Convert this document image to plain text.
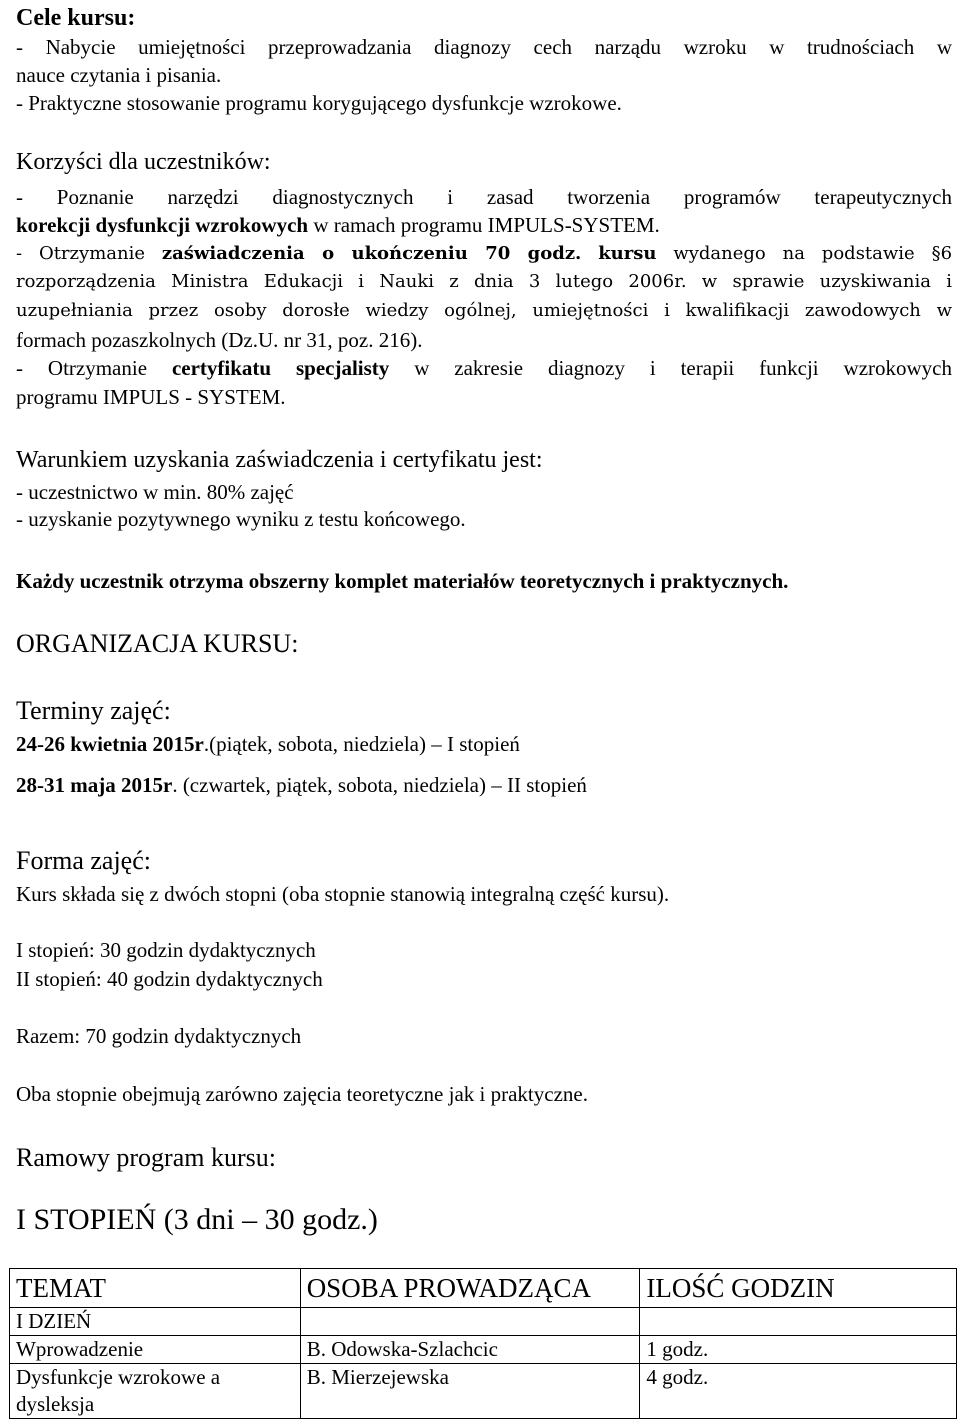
Cele kursu:
- Nabycie umiejętności przeprowadzania diagnozy cech narządu wzroku w trudnościach w
nauce czytania i pisania.
- Praktyczne stosowanie programu korygującego dysfunkcje wzrokowe.
Korzyści dla uczestników:
- Poznanie narzędzi diagnostycznych i zasad tworzenia programów terapeutycznych
korekcji dysfunkcji wzrokowych w ramach programu IMPULS-SYSTEM.
- Otrzymanie zaświadczenia o ukończeniu 70 godz. kursu wydanego na podstawie §6
rozporządzenia Ministra Edukacji i Nauki z dnia 3 lutego 2006r. w sprawie uzyskiwania i
uzupełniania przez osoby dorosłe wiedzy ogólnej, umiejętności i kwalifikacji zawodowych w
formach pozaszkolnych (Dz.U. nr 31, poz. 216).
- Otrzymanie certyfikatu specjalisty w zakresie diagnozy i terapii funkcji wzrokowych
programu IMPULS - SYSTEM.
Warunkiem uzyskania zaświadczenia i certyfikatu jest:
- uczestnictwo w min. 80% zajęć
- uzyskanie pozytywnego wyniku z testu końcowego.
Każdy uczestnik otrzyma obszerny komplet materiałów teoretycznych i praktycznych.
ORGANIZACJA KURSU:
Terminy zajęć:
24-26 kwietnia 2015r.(piątek, sobota, niedziela) – I stopień
28-31 maja 2015r. (czwartek, piątek, sobota, niedziela) – II stopień
Forma zajęć:
Kurs składa się z dwóch stopni (oba stopnie stanowią integralną część kursu).
I stopień: 30 godzin dydaktycznych
II stopień: 40 godzin dydaktycznych
Razem: 70 godzin dydaktycznych
Oba stopnie obejmują zarówno zajęcia teoretyczne jak i praktyczne.
Ramowy program kursu:
I STOPIEŃ (3 dni – 30 godz.)
TEMAT	OSOBA PROWADZĄCA	ILOŚĆ GODZIN
I DZIEŃ		
Wprowadzenie	B. Odowska-Szlachcic	1 godz.
Dysfunkcje wzrokowe a dysleksja	B. Mierzejewska	4 godz.
